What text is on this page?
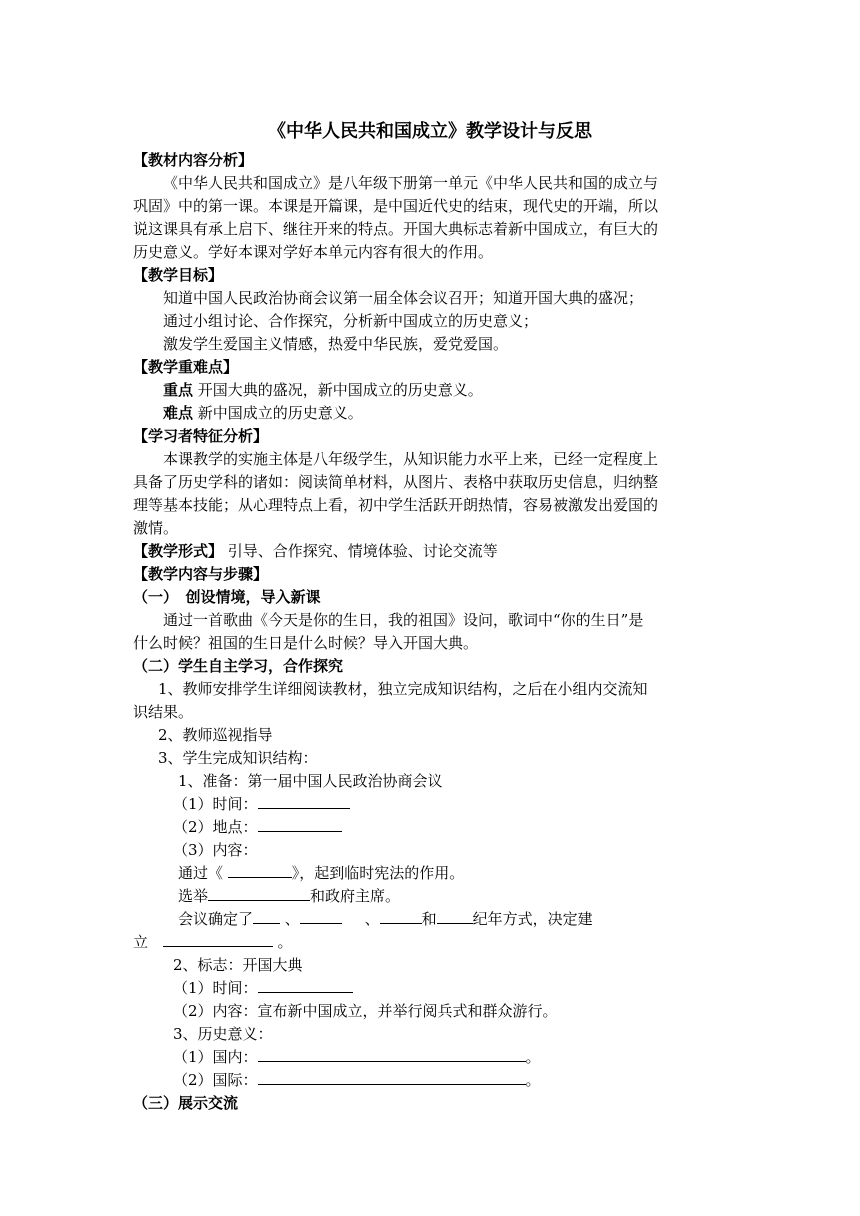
《中华人民共和国成立》教学设计与反思
【教材内容分析】
《中华人民共和国成立》是八年级下册第一单元《中华人民共和国的成立与
巩固》中的第一课。本课是开篇课，是中国近代史的结束，现代史的开端，所以
说这课具有承上启下、继往开来的特点。开国大典标志着新中国成立，有巨大的
历史意义。学好本课对学好本单元内容有很大的作用。
【教学目标】
知道中国人民政治协商会议第一届全体会议召开；知道开国大典的盛况；
通过小组讨论、合作探究，分析新中国成立的历史意义；
激发学生爱国主义情感，热爱中华民族，爱党爱国。
【教学重难点】
重点 开国大典的盛况，新中国成立的历史意义。
难点 新中国成立的历史意义。
【学习者特征分析】
本课教学的实施主体是八年级学生，从知识能力水平上来，已经一定程度上
具备了历史学科的诸如：阅读简单材料，从图片、表格中获取历史信息，归纳整
理等基本技能；从心理特点上看，初中学生活跃开朗热情，容易被激发出爱国的
激情。
【教学形式】 引导、合作探究、情境体验、讨论交流等
【教学内容与步骤】
（一）　创设情境，导入新课
通过一首歌曲《今天是你的生日，我的祖国》设问，歌词中“你的生日”是
什么时候？祖国的生日是什么时候？导入开国大典。
（二）学生自主学习，合作探究
1、教师安排学生详细阅读教材，独立完成知识结构，之后在小组内交流知
识结果。
2、教师巡视指导
3、学生完成知识结构：
1、准备：第一届中国人民政治协商会议
（1）时间：
（2）地点：
（3）内容：
通过《	》，起到临时宪法的作用。
选举	和政府主席。
会议确定了 、	、	和 纪年方式，决定建
立	。
2、标志：开国大典
（1）时间：
（2）内容：宣布新中国成立，并举行阅兵式和群众游行。
3、历史意义：
（1）国内：	。
（2）国际：	。
（三）展示交流
